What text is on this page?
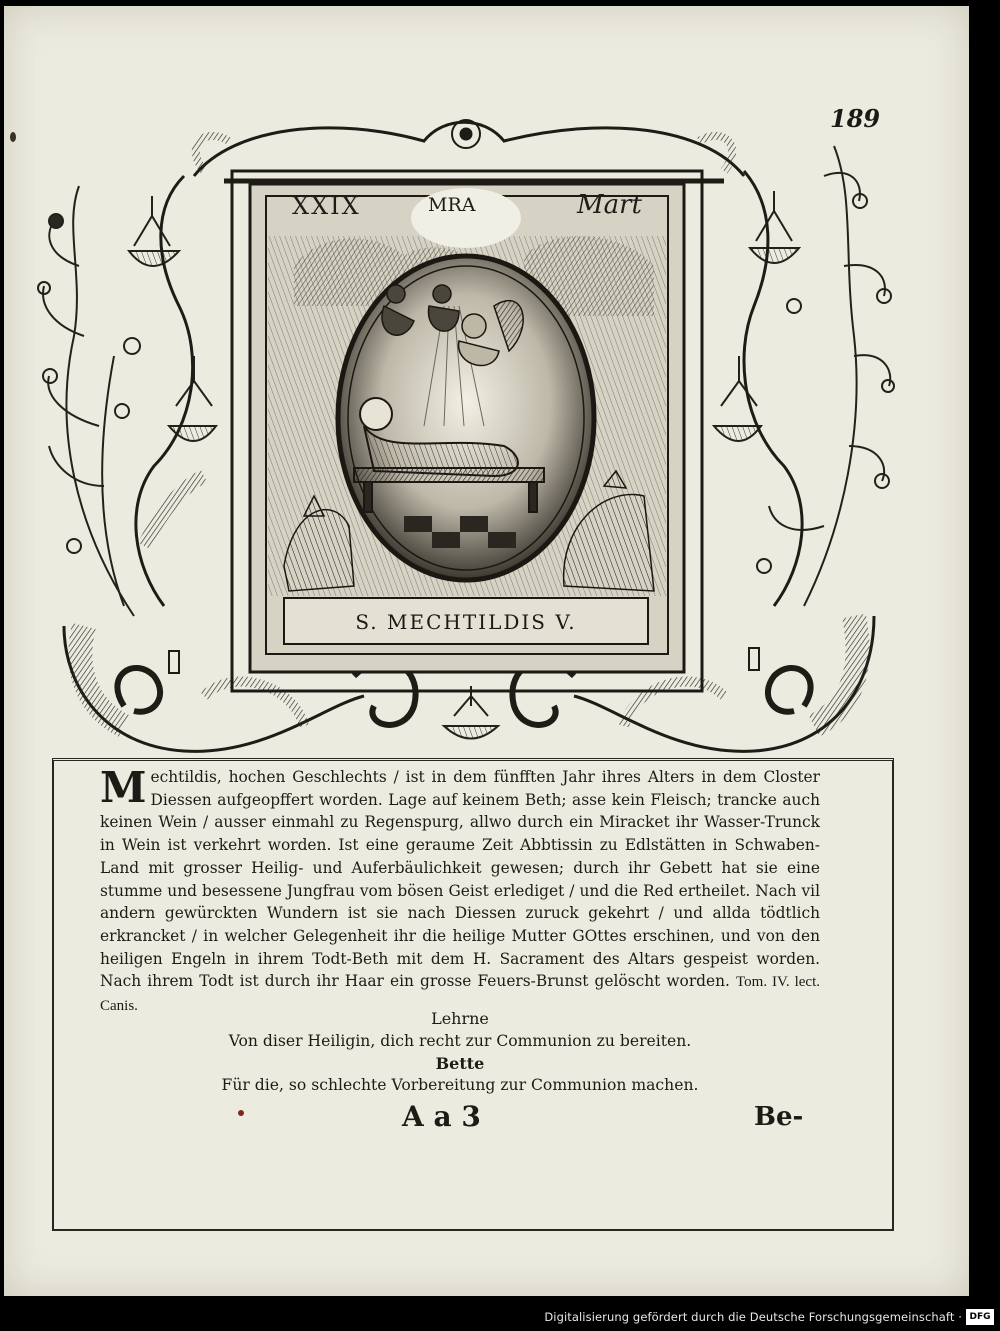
189
XXIX	MRA	Mart
S. MECHTILDIS V.
M echtildis, hochen Geschlechts / ist in dem fünfften Jahr ihres Alters in dem Closter Diessen aufgeopffert worden. Lage auf keinem Beth; asse kein Fleisch; trancke auch keinen Wein / ausser einmahl zu Regenspurg, allwo durch ein Miracket ihr Wasser-Trunck in Wein ist verkehrt worden. Ist eine geraume Zeit Abbtissin zu Edlstätten in Schwaben-Land mit grosser Heilig- und Auferbäulichkeit gewesen; durch ihr Gebett hat sie eine stumme und besessene Jungfrau vom bösen Geist erlediget / und die Red ertheilet. Nach vil andern gewürckten Wundern ist sie nach Diessen zuruck gekehrt / und allda tödtlich erkrancket / in welcher Gelegenheit ihr die heilige Mutter GOttes erschinen, und von den heiligen Engeln in ihrem Todt-Beth mit dem H. Sacrament des Altars gespeist worden. Nach ihrem Todt ist durch ihr Haar ein grosse Feuers-Brunst gelöscht worden. Tom. IV. lect. Canis.
Lehrne
Von diser Heiligin, dich recht zur Communion zu bereiten.
Bette
Für die, so schlechte Vorbereitung zur Communion machen.
A a 3	Be-
Digitalisierung gefördert durch die Deutsche Forschungsgemeinschaft · DFG
